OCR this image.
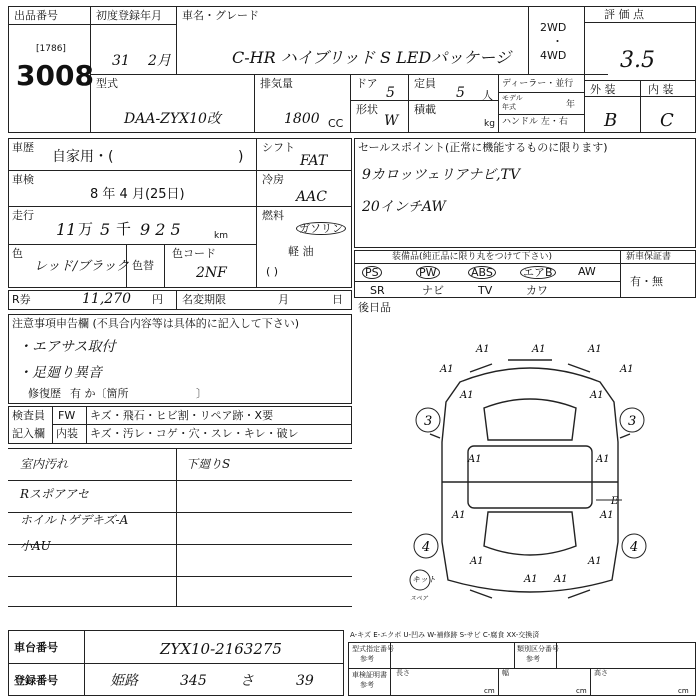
出品番号
[1786]
3008
初度登録年月
31 2月
車名・グレード
C-HR ハイブリッド S LEDパッケージ
2WD
・
4WD
評 価 点
3.5
外 装	内 装
B C
型式
DAA-ZYX10改
排気量
1800 CC
ドア
5
定員
5 人
形状
W
積載
kg
ディーラー・並行
モデル
年式	年
ハンドル 左・右
車歴
自家用・(	)
シフト
FAT
車検
8 年 4 月(25日)
冷房
AAC
走行
11 万 5 千 9 2 5	km
燃料
ガソリン
軽 油
( )
色
レッド/ブラック 色替
色コード
2NF
R券	11,270 円 名変期限	月	日
注意事項申告欄 (不具合内容等は具体的に記入して下さい)
・エアサス取付
・足廻り異音
修復歴 有 か〔箇所	〕
検査員
記入欄
FW キズ・飛石・ヒビ割・リペア跡・X要
内装 キズ・汚レ・コゲ・穴・スレ・キレ・破レ
室内汚れ
Rスポアアセ
ホイルトゲデキズ-A
小AU
下廻りS
セールスポイント(正常に機能するものに限ります)
9カロッツェリアナビ,TV
20インチAW
装備品(純正品に限り丸をつけて下さい)	新車保証書
有・無
PS	PW	ABS	エアB AW
SR	ナビ	TV	カワ
後日品
3	3
4	4
A1	A1	A1
A1	A1
A1	A1
A1	A1
A1	A1
A1	A1
A1 A1
E
キット
スペア
車台番号	ZYX10-2163275
登録番号	姫路	345 さ	39
A-キズ E-エクボ U-凹み W-補修跡 S-サビ C-腐食 XX-交換済
型式指定番号
参考
類別区分番号
参考
車検証明書
参考
長さ
cm
幅
cm
高さ
cm
